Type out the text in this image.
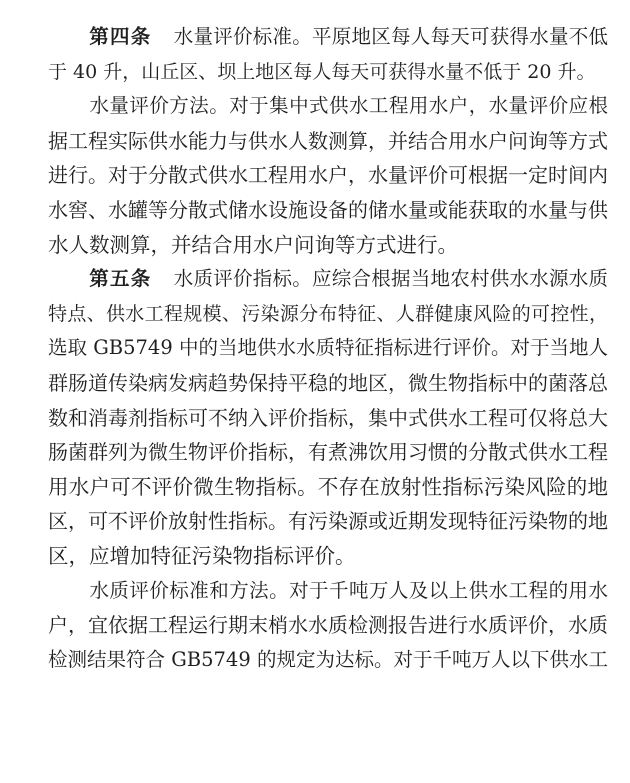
第四条 水量评价标准。平原地区每人每天可获得水量不低
于 40 升，山丘区、坝上地区每人每天可获得水量不低于 20 升。
水量评价方法。对于集中式供水工程用水户，水量评价应根
据工程实际供水能力与供水人数测算，并结合用水户问询等方式
进行。对于分散式供水工程用水户，水量评价可根据一定时间内
水窖、水罐等分散式储水设施设备的储水量或能获取的水量与供
水人数测算，并结合用水户问询等方式进行。
第五条 水质评价指标。应综合根据当地农村供水水源水质
特点、供水工程规模、污染源分布特征、人群健康风险的可控性，
选取 GB5749 中的当地供水水质特征指标进行评价。对于当地人
群肠道传染病发病趋势保持平稳的地区，微生物指标中的菌落总
数和消毒剂指标可不纳入评价指标，集中式供水工程可仅将总大
肠菌群列为微生物评价指标，有煮沸饮用习惯的分散式供水工程
用水户可不评价微生物指标。不存在放射性指标污染风险的地
区，可不评价放射性指标。有污染源或近期发现特征污染物的地
区，应增加特征污染物指标评价。
水质评价标准和方法。对于千吨万人及以上供水工程的用水
户，宜依据工程运行期末梢水水质检测报告进行水质评价，水质
检测结果符合 GB5749 的规定为达标。对于千吨万人以下供水工
